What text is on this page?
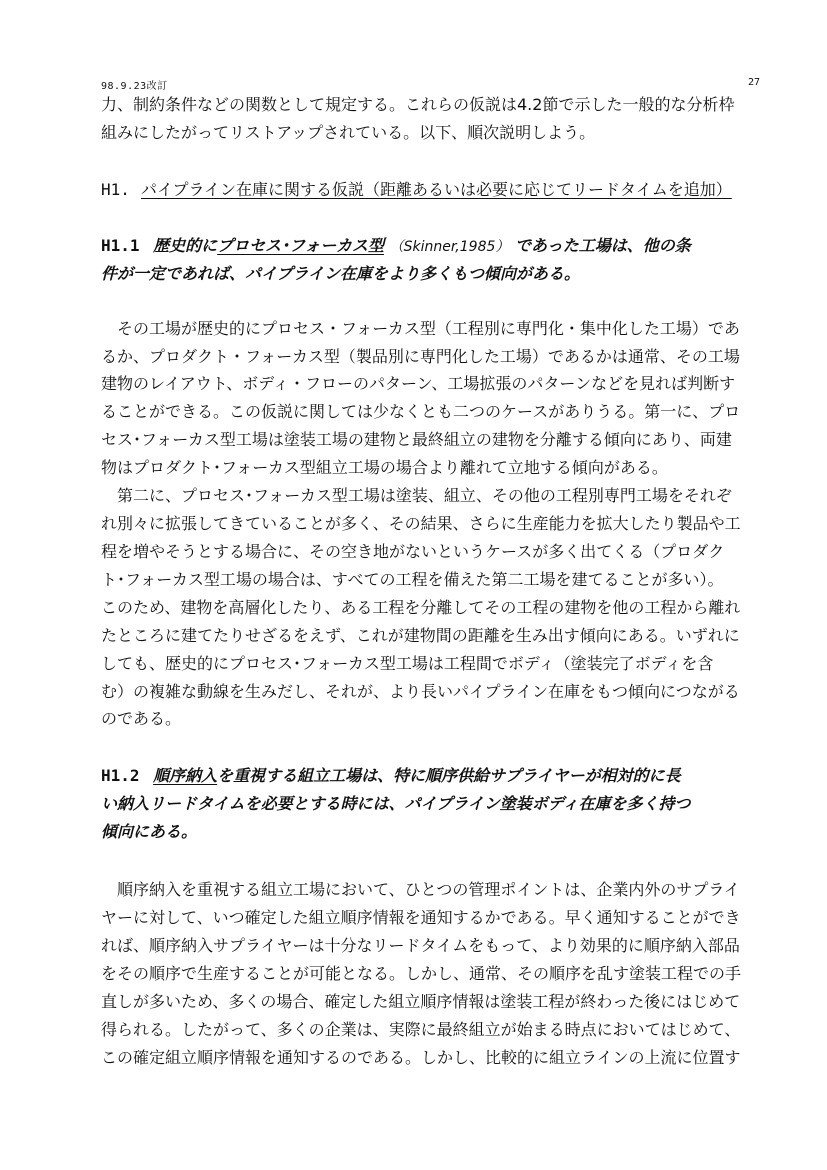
98.9.23改訂	27
力、制約条件などの関数として規定する。これらの仮説は4.2節で示した一般的な分析枠
組みにしたがってリストアップされている。以下、順次説明しよう。
H1. パイプライン在庫に関する仮説（距離あるいは必要に応じてリードタイムを追加）
H1.1 歴史的にプロセス･フォーカス型 （Skinner,1985） であった工場は、他の条
件が一定であれば、パイプライン在庫をより多くもつ傾向がある。
　その工場が歴史的にプロセス・フォーカス型（工程別に専門化・集中化した工場）であ
るか、プロダクト・フォーカス型（製品別に専門化した工場）であるかは通常、その工場
建物のレイアウト、ボディ・フローのパターン、工場拡張のパターンなどを見れば判断す
ることができる。この仮説に関しては少なくとも二つのケースがありうる。第一に、プロ
セス･フォーカス型工場は塗装工場の建物と最終組立の建物を分離する傾向にあり、両建
物はプロダクト･フォーカス型組立工場の場合より離れて立地する傾向がある。
　第二に、プロセス･フォーカス型工場は塗装、組立、その他の工程別専門工場をそれぞ
れ別々に拡張してきていることが多く、その結果、さらに生産能力を拡大したり製品や工
程を増やそうとする場合に、その空き地がないというケースが多く出てくる（プロダク
ト･フォーカス型工場の場合は、すべての工程を備えた第二工場を建てることが多い）。
このため、建物を高層化したり、ある工程を分離してその工程の建物を他の工程から離れ
たところに建てたりせざるをえず、これが建物間の距離を生み出す傾向にある。いずれに
しても、歴史的にプロセス･フォーカス型工場は工程間でボディ（塗装完了ボディを含
む）の複雑な動線を生みだし、それが、より長いパイプライン在庫をもつ傾向につながる
のである。
H1.2 順序納入を重視する組立工場は、特に順序供給サプライヤーが相対的に長
い納入リードタイムを必要とする時には、パイプライン塗装ボディ在庫を多く持つ
傾向にある。
　順序納入を重視する組立工場において、ひとつの管理ポイントは、企業内外のサプライ
ヤーに対して、いつ確定した組立順序情報を通知するかである。早く通知することができ
れば、順序納入サプライヤーは十分なリードタイムをもって、より効果的に順序納入部品
をその順序で生産することが可能となる。しかし、通常、その順序を乱す塗装工程での手
直しが多いため、多くの場合、確定した組立順序情報は塗装工程が終わった後にはじめて
得られる。したがって、多くの企業は、実際に最終組立が始まる時点においてはじめて、
この確定組立順序情報を通知するのである。しかし、比較的に組立ラインの上流に位置す
